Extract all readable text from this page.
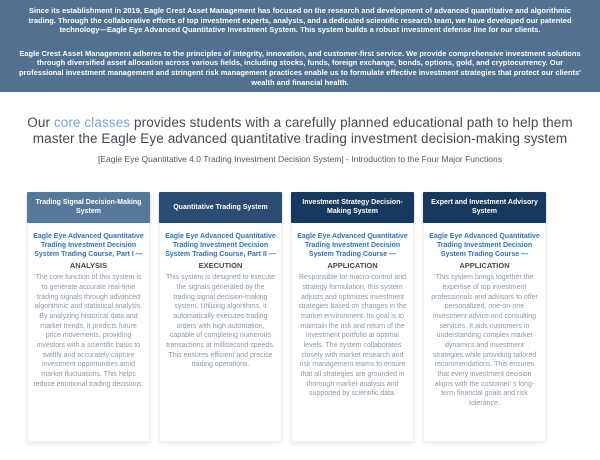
Since its establishment in 2019, Eagle Crest Asset Management has focused on the research and development of advanced quantitative and algorithmic trading. Through the collaborative efforts of top investment experts, analysts, and a dedicated scientific research team, we have developed our patented technology—Eagle Eye Advanced Quantitative Investment System. This system builds a robust investment defense line for our clients.

Eagle Crest Asset Management adheres to the principles of integrity, innovation, and customer-first service. We provide comprehensive investment solutions through diversified asset allocation across various fields, including stocks, funds, foreign exchange, bonds, options, gold, and cryptocurrency. Our professional investment management and stringent risk management practices enable us to formulate effective investment strategies that protect our clients' wealth and financial health.

Our core classes provides students with a carefully planned educational path to help them master the Eagle Eye advanced quantitative trading investment decision-making system
[Eagle Eye Quantitative 4.0 Trading Investment Decision System] - Introduction to the Four Major Functions
Trading Signal Decision-Making System
Eagle Eye Advanced Quantitative Trading Investment Decision System Trading Course, Part I —
ANALYSIS
The core function of this system is to generate accurate real-time trading signals through advanced algorithmic and statistical analysis. By analyzing historical data and market trends, it predicts future price movements, providing investors with a scientific basis to swiftly and accurately capture investment opportunities amid market fluctuations. This helps reduce emotional trading decisions.
Quantitative Trading System
Eagle Eye Advanced Quantitative Trading Investment Decision System Trading Course, Part II —
EXECUTION
This system is designed to execute the signals generated by the trading signal decision-making system. Utilizing algorithms, it automatically executes trading orders with high automation, capable of completing numerous transactions at millisecond speeds. This ensures efficient and precise trading operations.
Investment Strategy Decision-Making System
Eagle Eye Advanced Quantitative Trading Investment Decision System Trading Course —
APPLICATION
Responsible for macro-control and strategy formulation, this system adjusts and optimizes investment strategies based on changes in the market environment. Its goal is to maintain the risk and return of the investment portfolio at optimal levels. The system collaborates closely with market research and risk management teams to ensure that all strategies are grounded in thorough market analysis and supported by scientific data.
Expert and Investment Advisory System
Eagle Eye Advanced Quantitative Trading Investment Decision System Trading Course —
APPLICATION
This system brings together the expertise of top investment professionals and advisors to offer personalized, one-on-one investment advice and consulting services. It aids customers in understanding complex market dynamics and investment strategies while providing tailored recommendations. This ensures that every investment decision aligns with the customer' s long-term financial goals and risk tolerance.
